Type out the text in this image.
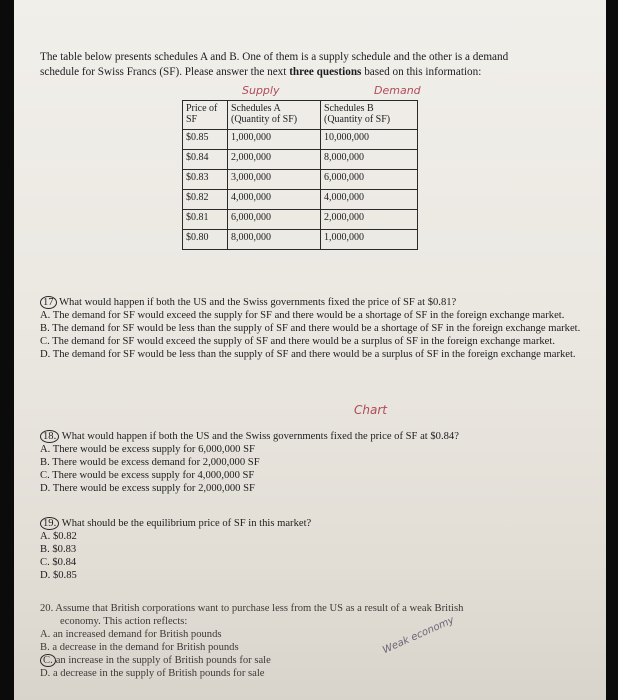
The table below presents schedules A and B. One of them is a supply schedule and the other is a demand
schedule for Swiss Francs (SF). Please answer the next three questions based on this information:
Supply	Demand
Price of SF	Schedules A (Quantity of SF)	Schedules B (Quantity of SF)
$0.85	1,000,000	10,000,000
$0.84	2,000,000	8,000,000
$0.83	3,000,000	6,000,000
$0.82	4,000,000	4,000,000
$0.81	6,000,000	2,000,000
$0.80	8,000,000	1,000,000
17 What would happen if both the US and the Swiss governments fixed the price of SF at $0.81?
A. The demand for SF would exceed the supply for SF and there would be a shortage of SF in the foreign exchange market.
B. The demand for SF would be less than the supply of SF and there would be a shortage of SF in the foreign exchange market.
C. The demand for SF would exceed the supply of SF and there would be a surplus of SF in the foreign exchange market.
D. The demand for SF would be less than the supply of SF and there would be a surplus of SF in the foreign exchange market.
Chart
18. What would happen if both the US and the Swiss governments fixed the price of SF at $0.84?
A. There would be excess supply for 6,000,000 SF
B. There would be excess demand for 2,000,000 SF
C. There would be excess supply for 4,000,000 SF
D. There would be excess supply for 2,000,000 SF
19. What should be the equilibrium price of SF in this market?
A. $0.82
B. $0.83
C. $0.84
D. $0.85
20. Assume that British corporations want to purchase less from the US as a result of a weak British
economy. This action reflects:
A. an increased demand for British pounds
B. a decrease in the demand for British pounds
C. an increase in the supply of British pounds for sale
D. a decrease in the supply of British pounds for sale
Weak economy
